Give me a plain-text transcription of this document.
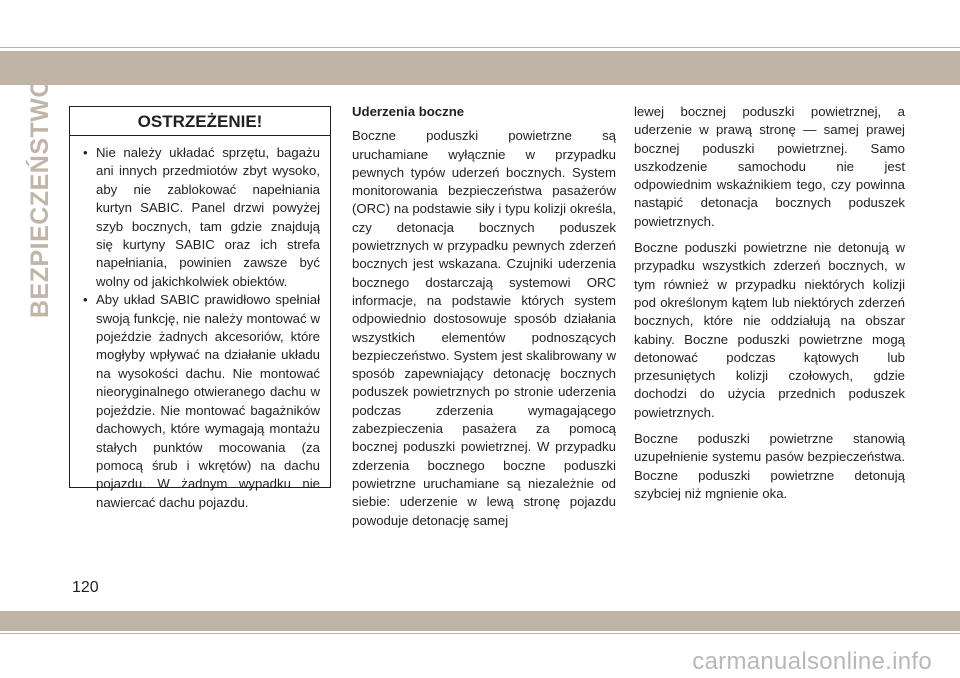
BEZPIECZEŃSTWO	OSTRZEŻENIE!
• Nie należy układać sprzętu, bagażu ani innych przedmiotów zbyt wysoko, aby nie zablokować napełniania kurtyn SABIC. Panel drzwi powyżej szyb bocznych, tam gdzie znajdują się kurtyny SABIC oraz ich strefa napełniania, powinien zawsze być wolny od jakichkolwiek obiektów.
• Aby układ SABIC prawidłowo spełniał swoją funkcję, nie należy montować w pojeździe żadnych akcesoriów, które mogłyby wpływać na działanie układu na wysokości dachu. Nie montować nieoryginalnego otwieranego dachu w pojeździe. Nie montować bagażników dachowych, które wymagają montażu stałych punktów mocowania (za pomocą śrub i wkrętów) na dachu pojazdu. W żadnym wypadku nie nawiercać dachu pojazdu.

Uderzenia boczne

Boczne poduszki powietrzne są uruchamiane wyłącznie w przypadku pewnych typów uderzeń bocznych. System monitorowania bezpieczeństwa pasażerów (ORC) na podstawie siły i typu kolizji określa, czy detonacja bocznych poduszek powietrznych w przypadku pewnych zderzeń bocznych jest wskazana. Czujniki uderzenia bocznego dostarczają systemowi ORC informacje, na podstawie których system odpowiednio dostosowuje sposób działania wszystkich elementów podnoszących bezpieczeństwo. System jest skalibrowany w sposób zapewniający detonację bocznych poduszek powietrznych po stronie uderzenia podczas zderzenia wymagającego zabezpieczenia pasażera za pomocą bocznej poduszki powietrznej. W przypadku zderzenia bocznego boczne poduszki powietrzne uruchamiane są niezależnie od siebie: uderzenie w lewą stronę pojazdu powoduje detonację samej

lewej bocznej poduszki powietrznej, a uderzenie w prawą stronę — samej prawej bocznej poduszki powietrznej. Samo uszkodzenie samochodu nie jest odpowiednim wskaźnikiem tego, czy powinna nastąpić detonacja bocznych poduszek powietrznych.

Boczne poduszki powietrzne nie detonują w przypadku wszystkich zderzeń bocznych, w tym również w przypadku niektórych kolizji pod określonym kątem lub niektórych zderzeń bocznych, które nie oddziałują na obszar kabiny. Boczne poduszki powietrzne mogą detonować podczas kątowych lub przesuniętych kolizji czołowych, gdzie dochodzi do użycia przednich poduszek powietrznych.

Boczne poduszki powietrzne stanowią uzupełnienie systemu pasów bezpieczeństwa. Boczne poduszki powietrzne detonują szybciej niż mgnienie oka.

120
carmanualsonline.info
